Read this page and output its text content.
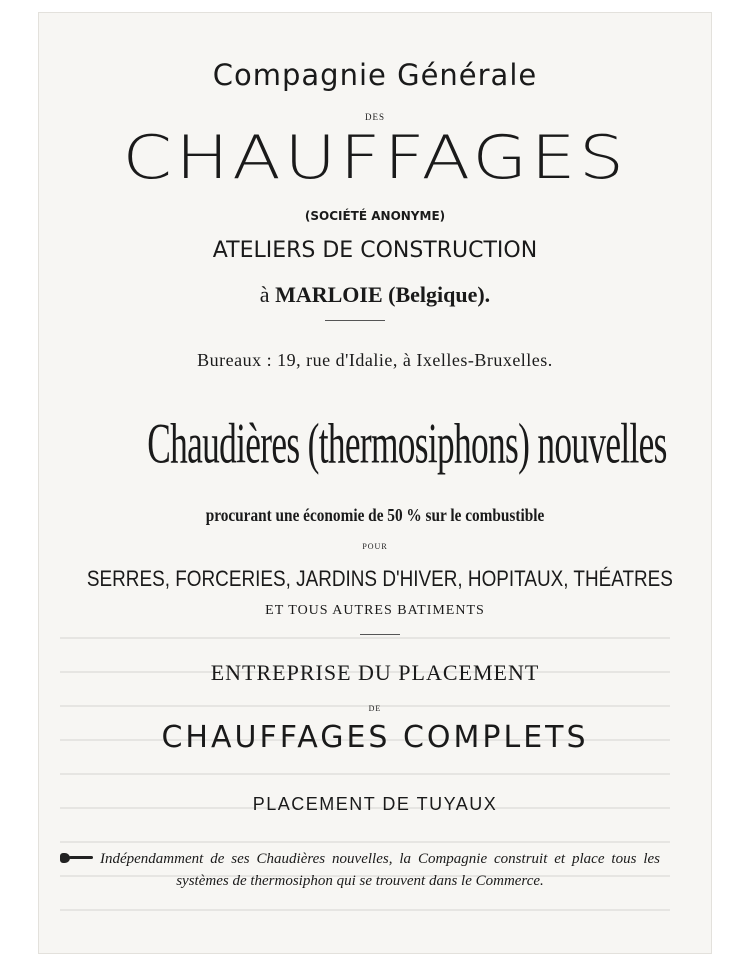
Compagnie Générale
DES
CHAUFFAGES
(SOCIÉTÉ ANONYME)
ATELIERS DE CONSTRUCTION
à MARLOIE (Belgique).
Bureaux : 19, rue d'Idalie, à Ixelles-Bruxelles.
Chaudières (thermosiphons) nouvelles
procurant une économie de 50 % sur le combustible
POUR
SERRES, FORCERIES, JARDINS D'HIVER, HOPITAUX, THÉATRES
ET TOUS AUTRES BATIMENTS
ENTREPRISE DU PLACEMENT
DE
CHAUFFAGES COMPLETS
PLACEMENT DE TUYAUX
Indépendamment de ses Chaudières nouvelles, la Compagnie construit et place tous les systèmes de thermosiphon qui se trouvent dans le Commerce.
